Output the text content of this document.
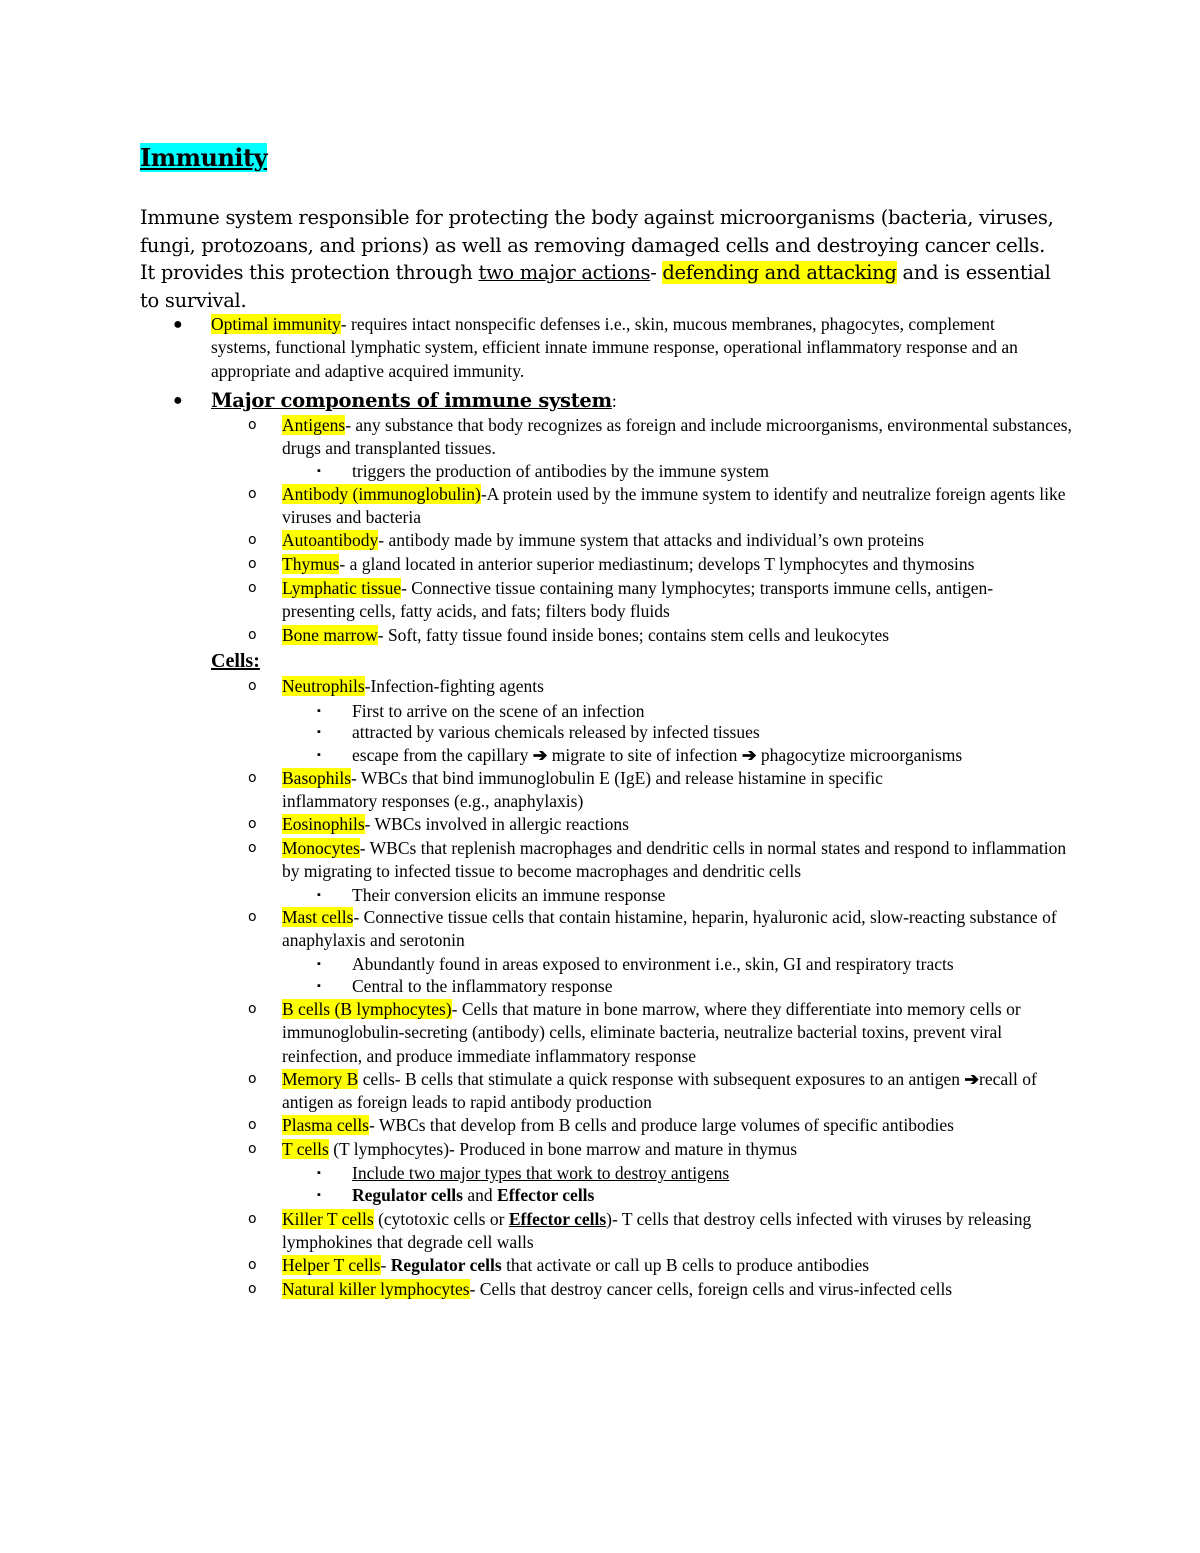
Immunity
Immune system responsible for protecting the body against microorganisms (bacteria, viruses, fungi, protozoans, and prions) as well as removing damaged cells and destroying cancer cells. It provides this protection through two major actions- defending and attacking and is essential to survival.
● Optimal immunity- requires intact nonspecific defenses i.e., skin, mucous membranes, phagocytes, complement systems, functional lymphatic system, efficient innate immune response, operational inflammatory response and an appropriate and adaptive acquired immunity.
● Major components of immune system:
o Antigens- any substance that body recognizes as foreign and include microorganisms, environmental substances, drugs and transplanted tissues.
▪ triggers the production of antibodies by the immune system
o Antibody (immunoglobulin)-A protein used by the immune system to identify and neutralize foreign agents like viruses and bacteria
o Autoantibody- antibody made by immune system that attacks and individual’s own proteins
o Thymus- a gland located in anterior superior mediastinum; develops T lymphocytes and thymosins
o Lymphatic tissue- Connective tissue containing many lymphocytes; transports immune cells, antigen-presenting cells, fatty acids, and fats; filters body fluids
o Bone marrow- Soft, fatty tissue found inside bones; contains stem cells and leukocytes
Cells:
o Neutrophils-Infection-fighting agents
▪ First to arrive on the scene of an infection
▪ attracted by various chemicals released by infected tissues
▪ escape from the capillary ➔ migrate to site of infection ➔ phagocytize microorganisms
o Basophils- WBCs that bind immunoglobulin E (IgE) and release histamine in specific inflammatory responses (e.g., anaphylaxis)
o Eosinophils- WBCs involved in allergic reactions
o Monocytes- WBCs that replenish macrophages and dendritic cells in normal states and respond to inflammation by migrating to infected tissue to become macrophages and dendritic cells
▪ Their conversion elicits an immune response
o Mast cells- Connective tissue cells that contain histamine, heparin, hyaluronic acid, slow-reacting substance of anaphylaxis and serotonin
▪ Abundantly found in areas exposed to environment i.e., skin, GI and respiratory tracts
▪ Central to the inflammatory response
o B cells (B lymphocytes)- Cells that mature in bone marrow, where they differentiate into memory cells or immunoglobulin-secreting (antibody) cells, eliminate bacteria, neutralize bacterial toxins, prevent viral reinfection, and produce immediate inflammatory response
o Memory B cells- B cells that stimulate a quick response with subsequent exposures to an antigen ➔recall of antigen as foreign leads to rapid antibody production
o Plasma cells- WBCs that develop from B cells and produce large volumes of specific antibodies
o T cells (T lymphocytes)- Produced in bone marrow and mature in thymus
▪ Include two major types that work to destroy antigens
▪ Regulator cells and Effector cells
o Killer T cells (cytotoxic cells or Effector cells)- T cells that destroy cells infected with viruses by releasing lymphokines that degrade cell walls
o Helper T cells- Regulator cells that activate or call up B cells to produce antibodies
o Natural killer lymphocytes- Cells that destroy cancer cells, foreign cells and virus-infected cells
